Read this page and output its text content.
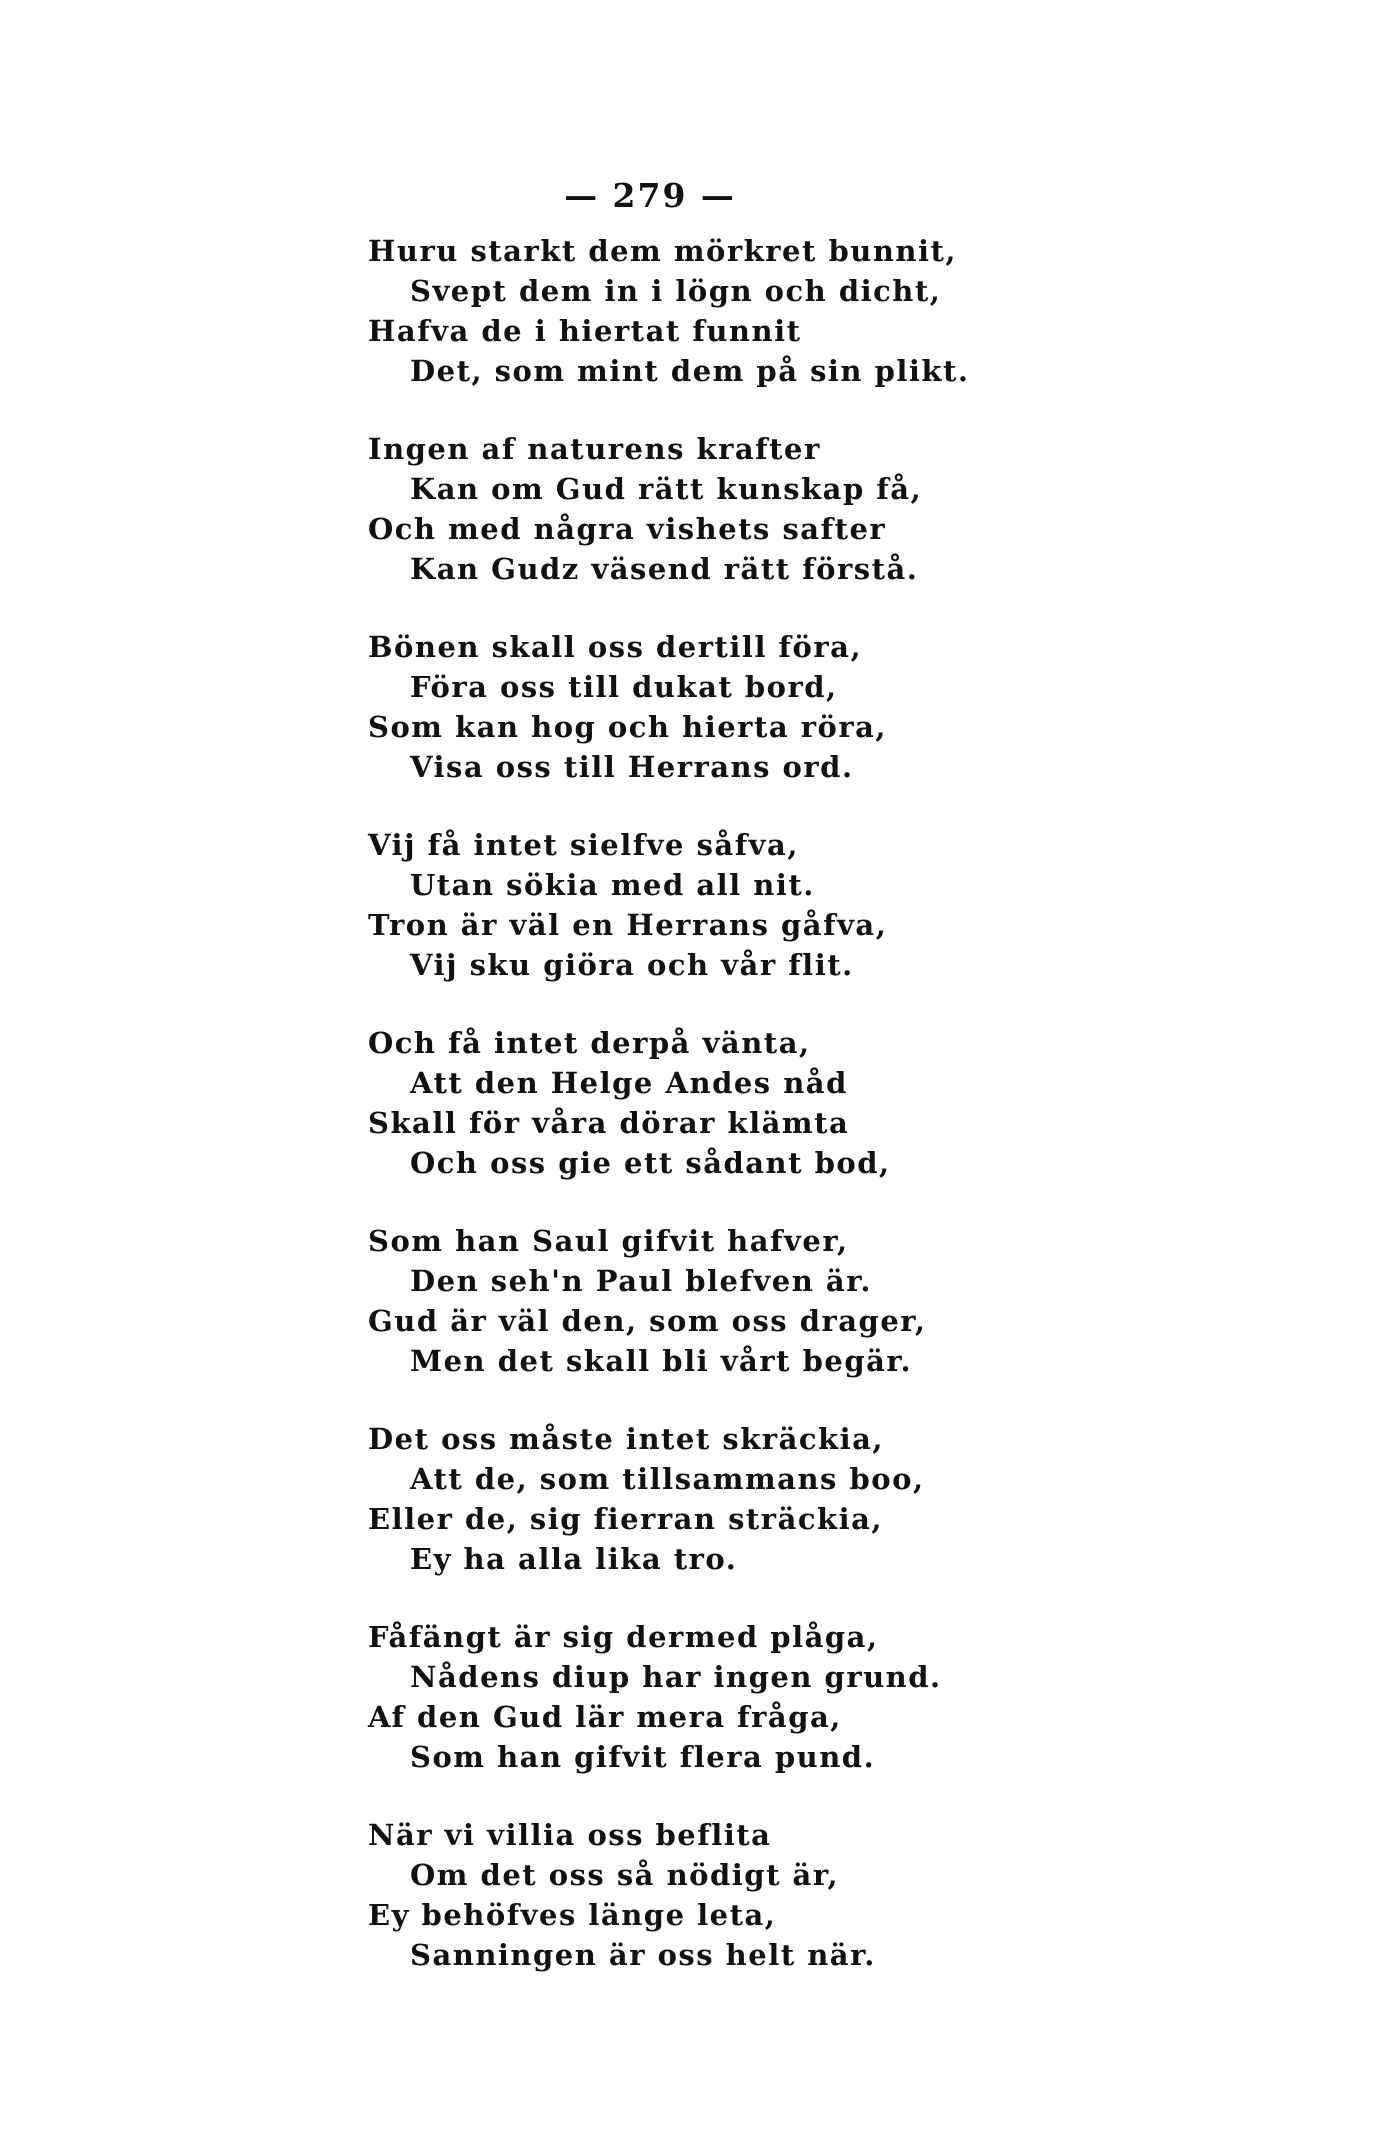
— 279 —
Huru starkt dem mörkret bunnit,
Svept dem in i lögn och dicht,
Hafva de i hiertat funnit
Det, som mint dem på sin plikt.
Ingen af naturens krafter
Kan om Gud rätt kunskap få,
Och med några vishets safter
Kan Gudz väsend rätt förstå.
Bönen skall oss dertill föra,
Föra oss till dukat bord,
Som kan hog och hierta röra,
Visa oss till Herrans ord.
Vij få intet sielfve såfva,
Utan sökia med all nit.
Tron är väl en Herrans gåfva,
Vij sku giöra och vår flit.
Och få intet derpå vänta,
Att den Helge Andes nåd
Skall för våra dörar klämta
Och oss gie ett sådant bod,
Som han Saul gifvit hafver,
Den seh'n Paul blefven är.
Gud är väl den, som oss drager,
Men det skall bli vårt begär.
Det oss måste intet skräckia,
Att de, som tillsammans boo,
Eller de, sig fierran sträckia,
Ey ha alla lika tro.
Fåfängt är sig dermed plåga,
Nådens diup har ingen grund.
Af den Gud lär mera fråga,
Som han gifvit flera pund.
När vi villia oss beflita
Om det oss så nödigt är,
Ey behöfves länge leta,
Sanningen är oss helt när.
